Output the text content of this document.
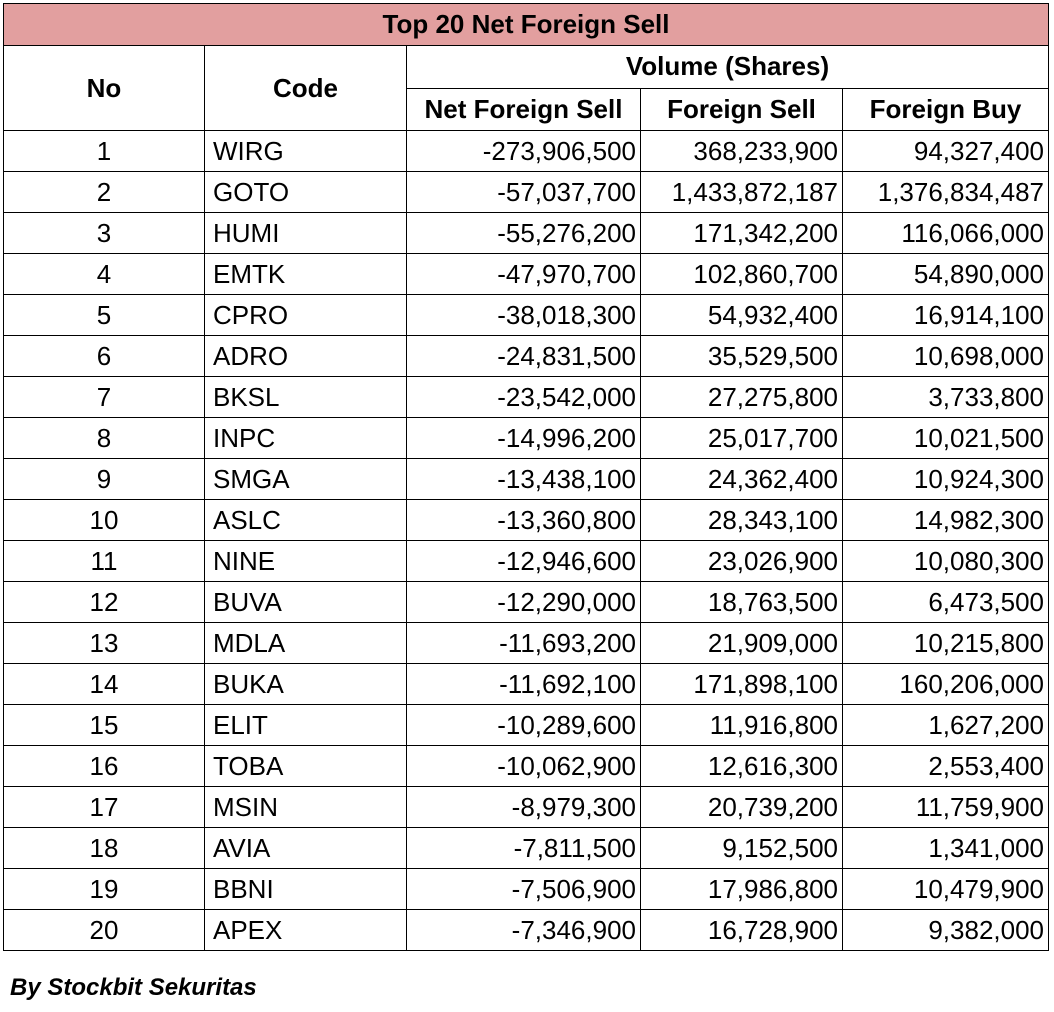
Top 20 Net Foreign Sell				
No	Code	Volume (Shares)		
		Net Foreign Sell	Foreign Sell	Foreign Buy
1	WIRG	-273,906,500	368,233,900	94,327,400
2	GOTO	-57,037,700	1,433,872,187	1,376,834,487
3	HUMI	-55,276,200	171,342,200	116,066,000
4	EMTK	-47,970,700	102,860,700	54,890,000
5	CPRO	-38,018,300	54,932,400	16,914,100
6	ADRO	-24,831,500	35,529,500	10,698,000
7	BKSL	-23,542,000	27,275,800	3,733,800
8	INPC	-14,996,200	25,017,700	10,021,500
9	SMGA	-13,438,100	24,362,400	10,924,300
10	ASLC	-13,360,800	28,343,100	14,982,300
11	NINE	-12,946,600	23,026,900	10,080,300
12	BUVA	-12,290,000	18,763,500	6,473,500
13	MDLA	-11,693,200	21,909,000	10,215,800
14	BUKA	-11,692,100	171,898,100	160,206,000
15	ELIT	-10,289,600	11,916,800	1,627,200
16	TOBA	-10,062,900	12,616,300	2,553,400
17	MSIN	-8,979,300	20,739,200	11,759,900
18	AVIA	-7,811,500	9,152,500	1,341,000
19	BBNI	-7,506,900	17,986,800	10,479,900
20	APEX	-7,346,900	16,728,900	9,382,000
By Stockbit Sekuritas
